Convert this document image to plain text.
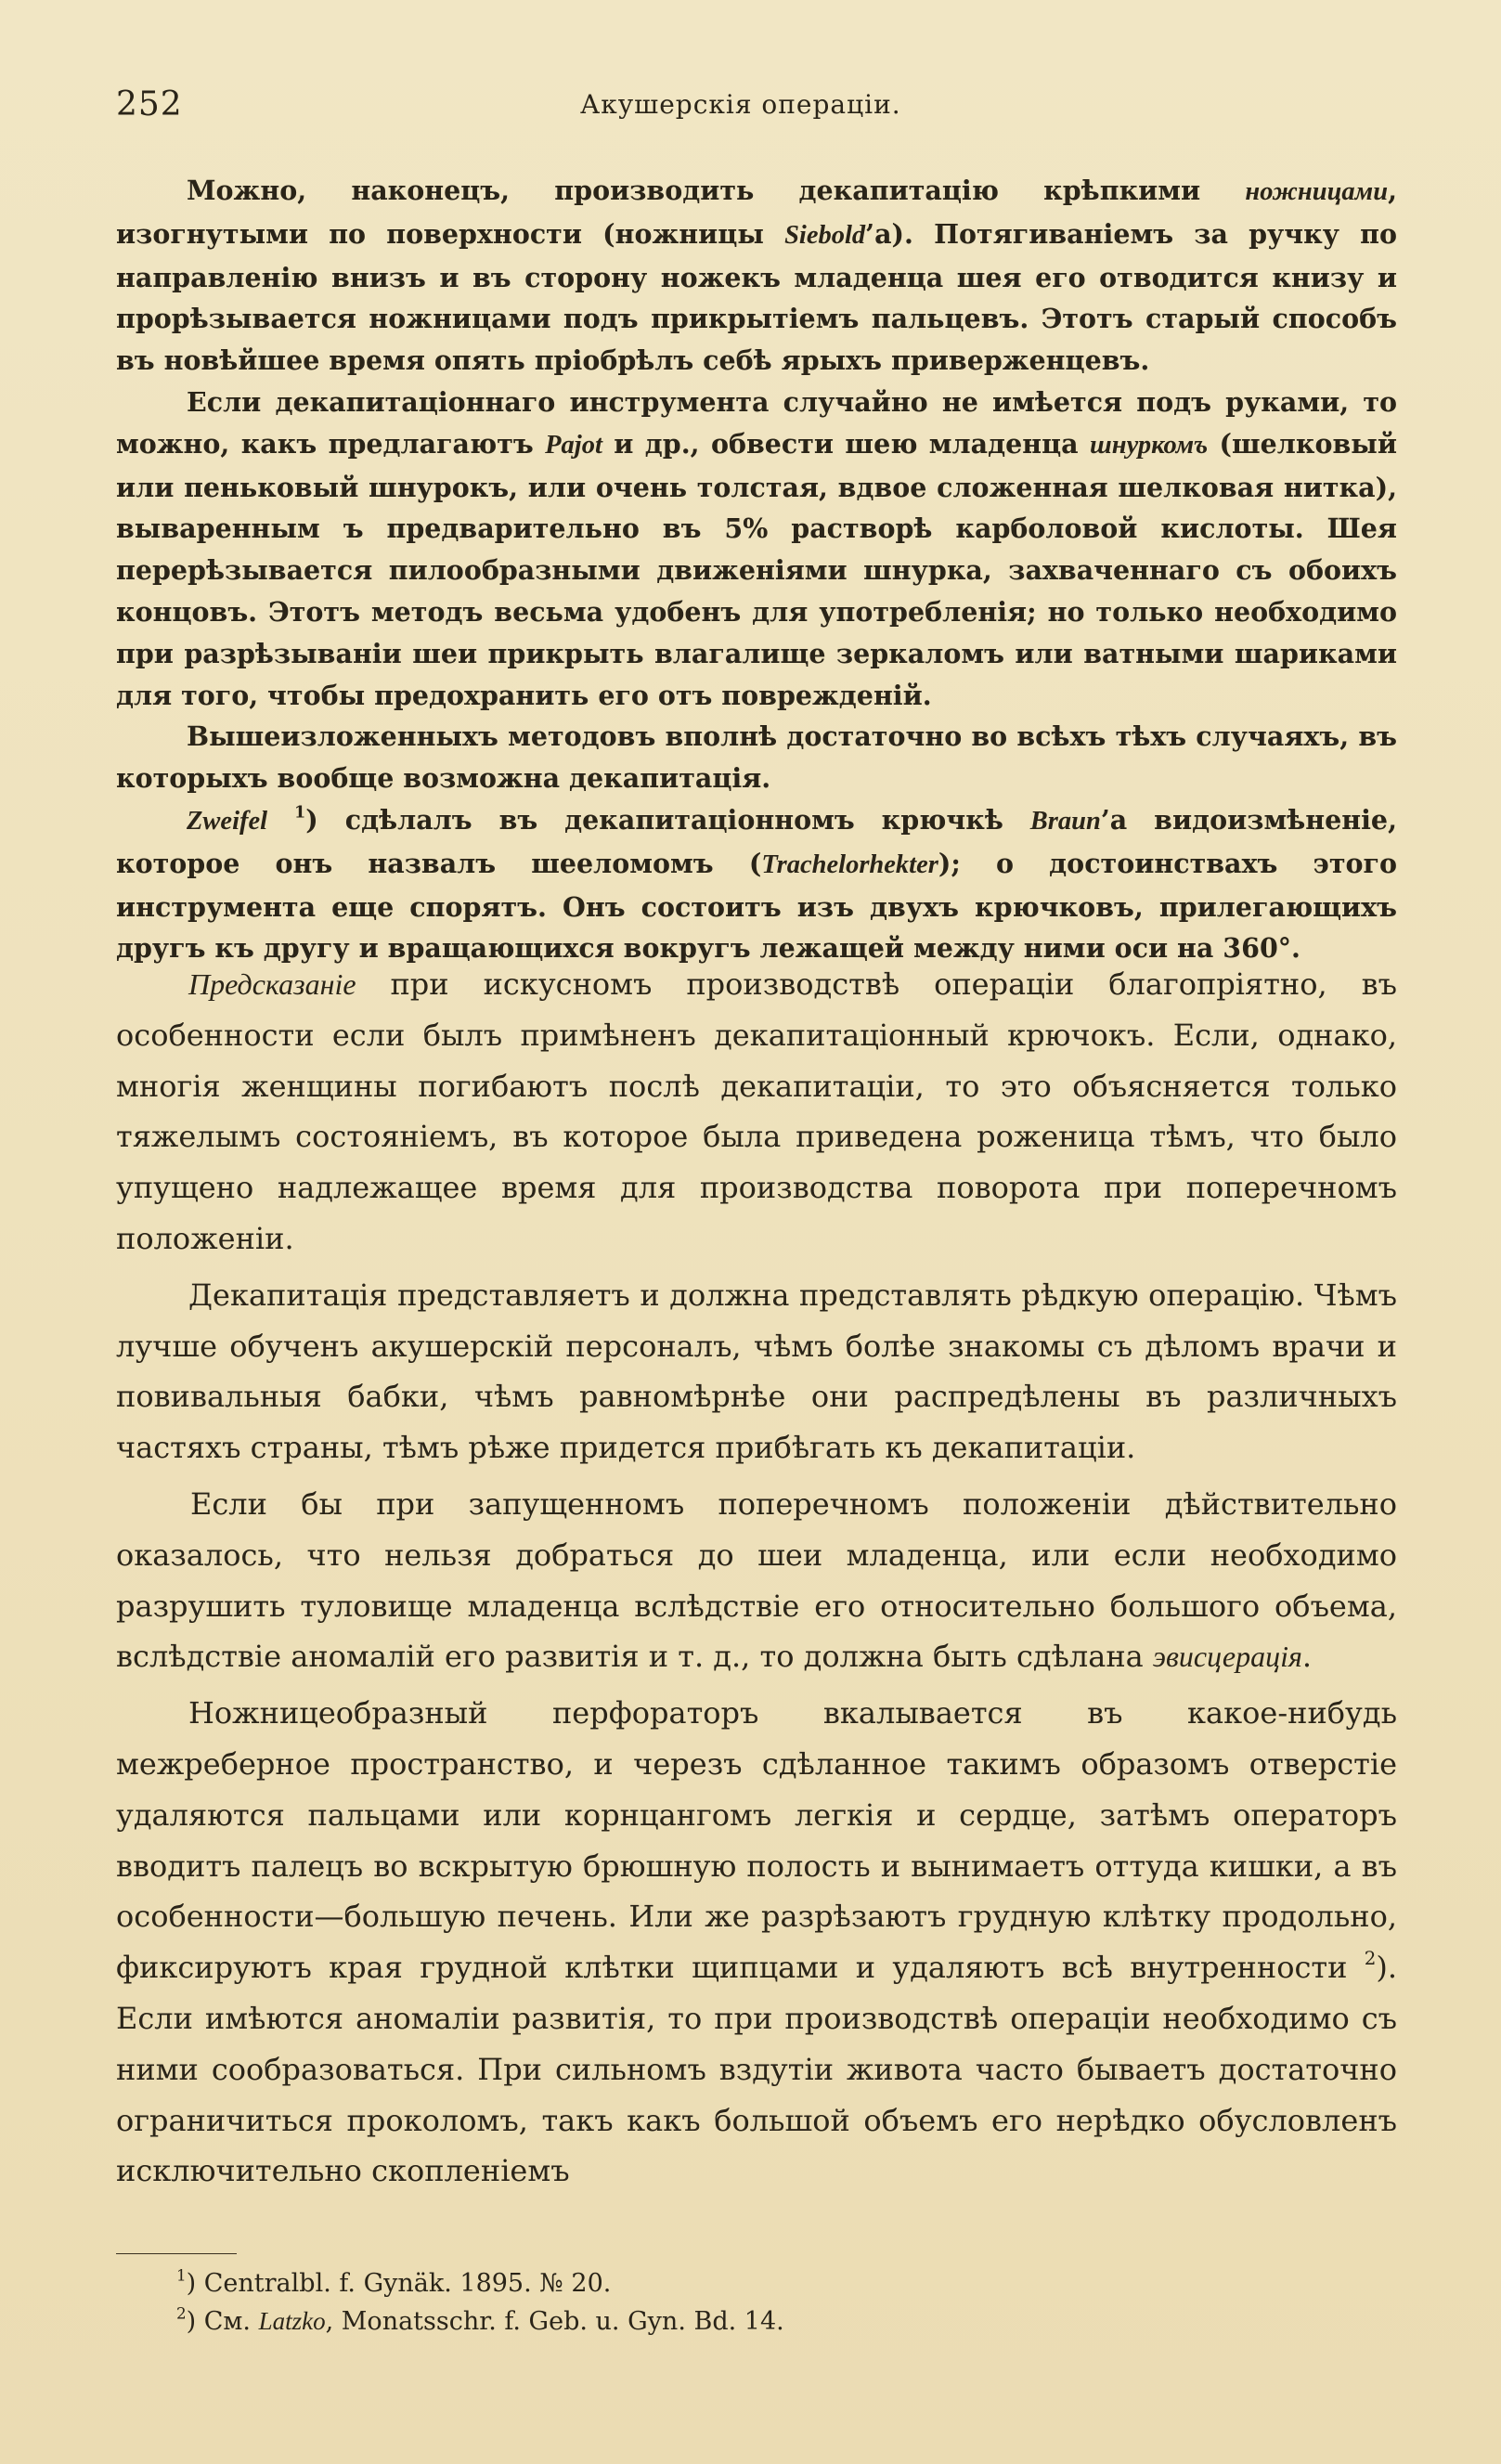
252	Акушерскія операціи.

Можно, наконецъ, производить декапитацію крѣпкими ножницами, изогнутыми по поверхности (ножницы Siebold’а). Потягиваніемъ за ручку по направленію внизъ и въ сторону ножекъ младенца шея его отводится книзу и прорѣзывается ножницами подъ прикрытіемъ пальцевъ. Этотъ старый способъ въ новѣйшее время опять пріобрѣлъ себѣ ярыхъ приверженцевъ.

Если декапитаціоннаго инструмента случайно не имѣется подъ руками, то можно, какъ предлагаютъ Pajot и др., обвести шею младенца шнуркомъ (шелковый или пеньковый шнурокъ, или очень толстая, вдвое сложенная шелковая нитка), вываренным ъ предварительно въ 5% растворѣ карболовой кислоты. Шея перерѣзывается пилообразными движеніями шнурка, захваченнаго съ обоихъ концовъ. Этотъ методъ весьма удобенъ для употребленія; но только необходимо при разрѣзываніи шеи прикрыть влагалище зеркаломъ или ватными шариками для того, чтобы предохранить его отъ поврежденій.

Вышеизложенныхъ методовъ вполнѣ достаточно во всѣхъ тѣхъ случаяхъ, въ которыхъ вообще возможна декапитація.

Zweifel $^1$) сдѣлалъ въ декапитаціонномъ крючкѣ Braun’а видоизмѣненіе, которое онъ назвалъ шееломомъ (Trachelorhekter); о достоинствахъ этого инструмента еще спорятъ. Онъ состоитъ изъ двухъ крючковъ, прилегающихъ другъ къ другу и вращающихся вокругъ лежащей между ними оси на 360°.

Предсказаніе при искусномъ производствѣ операціи благопріятно, въ особенности если былъ примѣненъ декапитаціонный крючокъ. Если, однако, многія женщины погибаютъ послѣ декапитаціи, то это объясняется только тяжелымъ состояніемъ, въ которое была приведена роженица тѣмъ, что было упущено надлежащее время для производства поворота при поперечномъ положеніи.

Декапитація представляетъ и должна представлять рѣдкую операцію. Чѣмъ лучше обученъ акушерскій персоналъ, чѣмъ болѣе знакомы съ дѣломъ врачи и повивальныя бабки, чѣмъ равномѣрнѣе они распредѣлены въ различныхъ частяхъ страны, тѣмъ рѣже придется прибѣгать къ декапитаціи.

Если бы при запущенномъ поперечномъ положеніи дѣйствительно оказалось, что нельзя добраться до шеи младенца, или если необходимо разрушить туловище младенца вслѣдствіе его относительно большого объема, вслѣдствіе аномалій его развитія и т. д., то должна быть сдѣлана эвисцерація.

Ножницеобразный перфораторъ вкалывается въ какое-нибудь межреберное пространство, и черезъ сдѣланное такимъ образомъ отверстіе удаляются пальцами или корнцангомъ легкія и сердце, затѣмъ операторъ вводитъ палецъ во вскрытую брюшную полость и вынимаетъ оттуда кишки, а въ особенности—большую печень. Или же разрѣзаютъ грудную клѣтку продольно, фиксируютъ края грудной клѣтки щипцами и удаляютъ всѣ внутренности $^2$). Если имѣются аномаліи развитія, то при производствѣ операціи необходимо съ ними сообразоваться. При сильномъ вздутіи живота часто бываетъ достаточно ограничиться проколомъ, такъ какъ большой объемъ его нерѣдко обусловленъ исключительно скопленіемъ

$^1$) Centralbl. f. Gynäk. 1895. № 20.
$^2$) См. Latzko, Monatsschr. f. Geb. u. Gyn. Bd. 14.
